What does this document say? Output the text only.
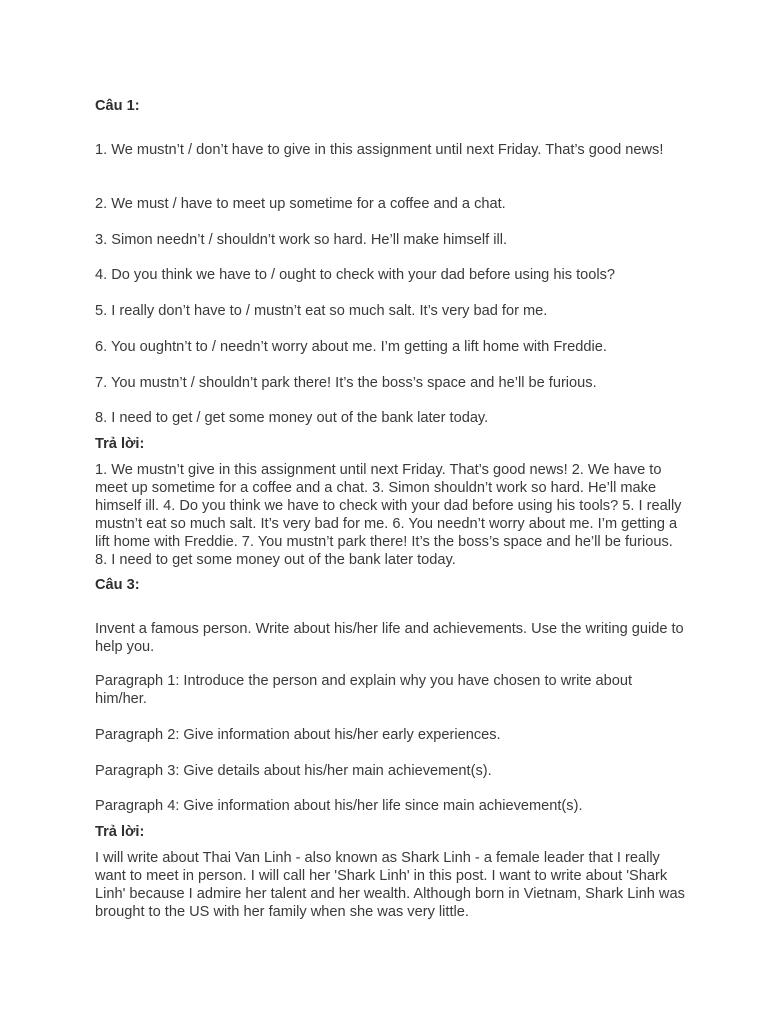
Câu 1:

1. We mustn’t / don’t have to give in this assignment until next Friday. That’s good news!

2. We must / have to meet up sometime for a coffee and a chat.

3. Simon needn’t / shouldn’t work so hard. He’ll make himself ill.

4. Do you think we have to / ought to check with your dad before using his tools?

5. I really don’t have to / mustn’t eat so much salt. It’s very bad for me.

6. You oughtn’t to / needn’t worry about me. I’m getting a lift home with Freddie.

7. You mustn’t / shouldn’t park there! It’s the boss’s space and he’ll be furious.

8. I need to get / get some money out of the bank later today.

Trả lời:

1. We mustn’t give in this assignment until next Friday. That’s good news! 2. We have to meet up sometime for a coffee and a chat. 3. Simon shouldn’t work so hard. He’ll make himself ill. 4. Do you think we have to check with your dad before using his tools? 5. I really mustn’t eat so much salt. It’s very bad for me. 6. You needn’t worry about me. I’m getting a lift home with Freddie. 7. You mustn’t park there! It’s the boss’s space and he’ll be furious. 8. I need to get some money out of the bank later today.

Câu 3:

Invent a famous person. Write about his/her life and achievements. Use the writing guide to help you.

Paragraph 1: Introduce the person and explain why you have chosen to write about him/her.

Paragraph 2: Give information about his/her early experiences.

Paragraph 3: Give details about his/her main achievement(s).

Paragraph 4: Give information about his/her life since main achievement(s).

Trả lời:

I will write about Thai Van Linh - also known as Shark Linh - a female leader that I really want to meet in person. I will call her 'Shark Linh' in this post. I want to write about 'Shark Linh' because I admire her talent and her wealth. Although born in Vietnam, Shark Linh was brought to the US with her family when she was very little.
